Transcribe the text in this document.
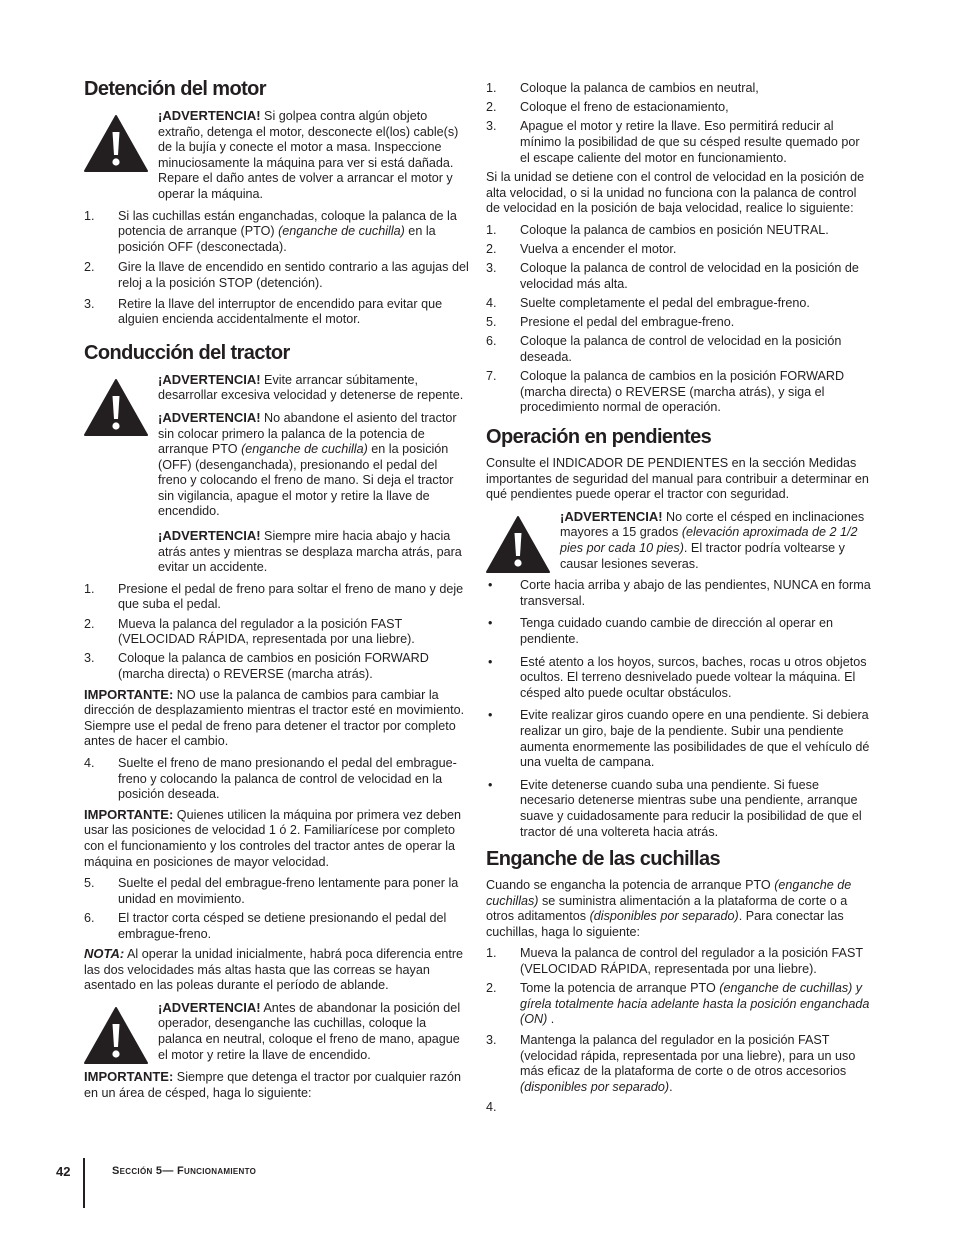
Detención del motor

¡ADVERTENCIA! Si golpea contra algún objeto extraño, detenga el motor, desconecte el(los) cable(s) de la bujía y conecte el motor a masa. Inspeccione minuciosamente la máquina para ver si está dañada. Repare el daño antes de volver a arrancar el motor y operar la máquina.

1. Si las cuchillas están enganchadas, coloque la palanca de la potencia de arranque (PTO) (enganche de cuchilla) en la posición OFF (desconectada).
2. Gire la llave de encendido en sentido contrario a las agujas del reloj a la posición STOP (detención).
3. Retire la llave del interruptor de encendido para evitar que alguien encienda accidentalmente el motor.
Conducción del tractor

¡ADVERTENCIA! Evite arrancar súbitamente, desarrollar excesiva velocidad y detenerse de repente.

¡ADVERTENCIA! No abandone el asiento del tractor sin colocar primero la palanca de la potencia de arranque PTO (enganche de cuchilla) en la posición (OFF) (desenganchada), presionando el pedal del freno y colocando el freno de mano. Si deja el tractor sin vigilancia, apague el motor y retire la llave de encendido.

¡ADVERTENCIA! Siempre mire hacia abajo y hacia atrás antes y mientras se desplaza marcha atrás, para evitar un accidente.

1. Presione el pedal de freno para soltar el freno de mano y deje que suba el pedal.
2. Mueva la palanca del regulador a la posición FAST (VELOCIDAD RÁPIDA, representada por una liebre).
3. Coloque la palanca de cambios en posición FORWARD (marcha directa) o REVERSE (marcha atrás).

IMPORTANTE: NO use la palanca de cambios para cambiar la dirección de desplazamiento mientras el tractor esté en movimiento. Siempre use el pedal de freno para detener el tractor por completo antes de hacer el cambio.

4. Suelte el freno de mano presionando el pedal del embrague-freno y colocando la palanca de control de velocidad en la posición deseada.

IMPORTANTE: Quienes utilicen la máquina por primera vez deben usar las posiciones de velocidad 1 ó 2. Familiarícese por completo con el funcionamiento y los controles del tractor antes de operar la máquina en posiciones de mayor velocidad.

5. Suelte el pedal del embrague-freno lentamente para poner la unidad en movimiento.
6. El tractor corta césped se detiene presionando el pedal del embrague-freno.

NOTA: Al operar la unidad inicialmente, habrá poca diferencia entre las dos velocidades más altas hasta que las correas se hayan asentado en las poleas durante el período de ablande.

¡ADVERTENCIA! Antes de abandonar la posición del operador, desenganche las cuchillas, coloque la palanca en neutral, coloque el freno de mano, apague el motor y retire la llave de encendido.

IMPORTANTE: Siempre que detenga el tractor por cualquier razón en un área de césped, haga lo siguiente:

1. Coloque la palanca de cambios en neutral,
2. Coloque el freno de estacionamiento,
3. Apague el motor y retire la llave. Eso permitirá reducir al mínimo la posibilidad de que su césped resulte quemado por el escape caliente del motor en funcionamiento.

Si la unidad se detiene con el control de velocidad en la posición de alta velocidad, o si la unidad no funciona con la palanca de control de velocidad en la posición de baja velocidad, realice lo siguiente:

1. Coloque la palanca de cambios en posición NEUTRAL.
2. Vuelva a encender el motor.
3. Coloque la palanca de control de velocidad en la posición de velocidad más alta.
4. Suelte completamente el pedal del embrague-freno.
5. Presione el pedal del embrague-freno.
6. Coloque la palanca de control de velocidad en la posición deseada.
7. Coloque la palanca de cambios en la posición FORWARD (marcha directa) o REVERSE (marcha atrás), y siga el procedimiento normal de operación.
Operación en pendientes

Consulte el INDICADOR DE PENDIENTES en la sección Medidas importantes de seguridad del manual para contribuir a determinar en qué pendientes puede operar el tractor con seguridad.

¡ADVERTENCIA! No corte el césped en inclinaciones mayores a 15 grados (elevación aproximada de 2 1/2 pies por cada 10 pies). El tractor podría voltearse y causar lesiones severas.

• Corte hacia arriba y abajo de las pendientes, NUNCA en forma transversal.
• Tenga cuidado cuando cambie de dirección al operar en pendiente.
• Esté atento a los hoyos, surcos, baches, rocas u otros objetos ocultos. El terreno desnivelado puede voltear la máquina. El césped alto puede ocultar obstáculos.
• Evite realizar giros cuando opere en una pendiente. Si debiera realizar un giro, baje de la pendiente. Subir una pendiente aumenta enormemente las posibilidades de que el vehículo dé una vuelta de campana.
• Evite detenerse cuando suba una pendiente. Si fuese necesario detenerse mientras sube una pendiente, arranque suave y cuidadosamente para reducir la posibilidad de que el tractor dé una voltereta hacia atrás.
Enganche de las cuchillas

Cuando se engancha la potencia de arranque PTO (enganche de cuchillas) se suministra alimentación a la plataforma de corte o a otros aditamentos (disponibles por separado). Para conectar las cuchillas, haga lo siguiente:

1. Mueva la palanca de control del regulador a la posición FAST (VELOCIDAD RÁPIDA, representada por una liebre).
2. Tome la potencia de arranque PTO (enganche de cuchillas) y gírela totalmente hacia adelante hasta la posición enganchada (ON) .
3. Mantenga la palanca del regulador en la posición FAST (velocidad rápida, representada por una liebre), para un uso más eficaz de la plataforma de corte o de otros accesorios (disponibles por separado).
4.
42	Sección 5— Funcionamiento
